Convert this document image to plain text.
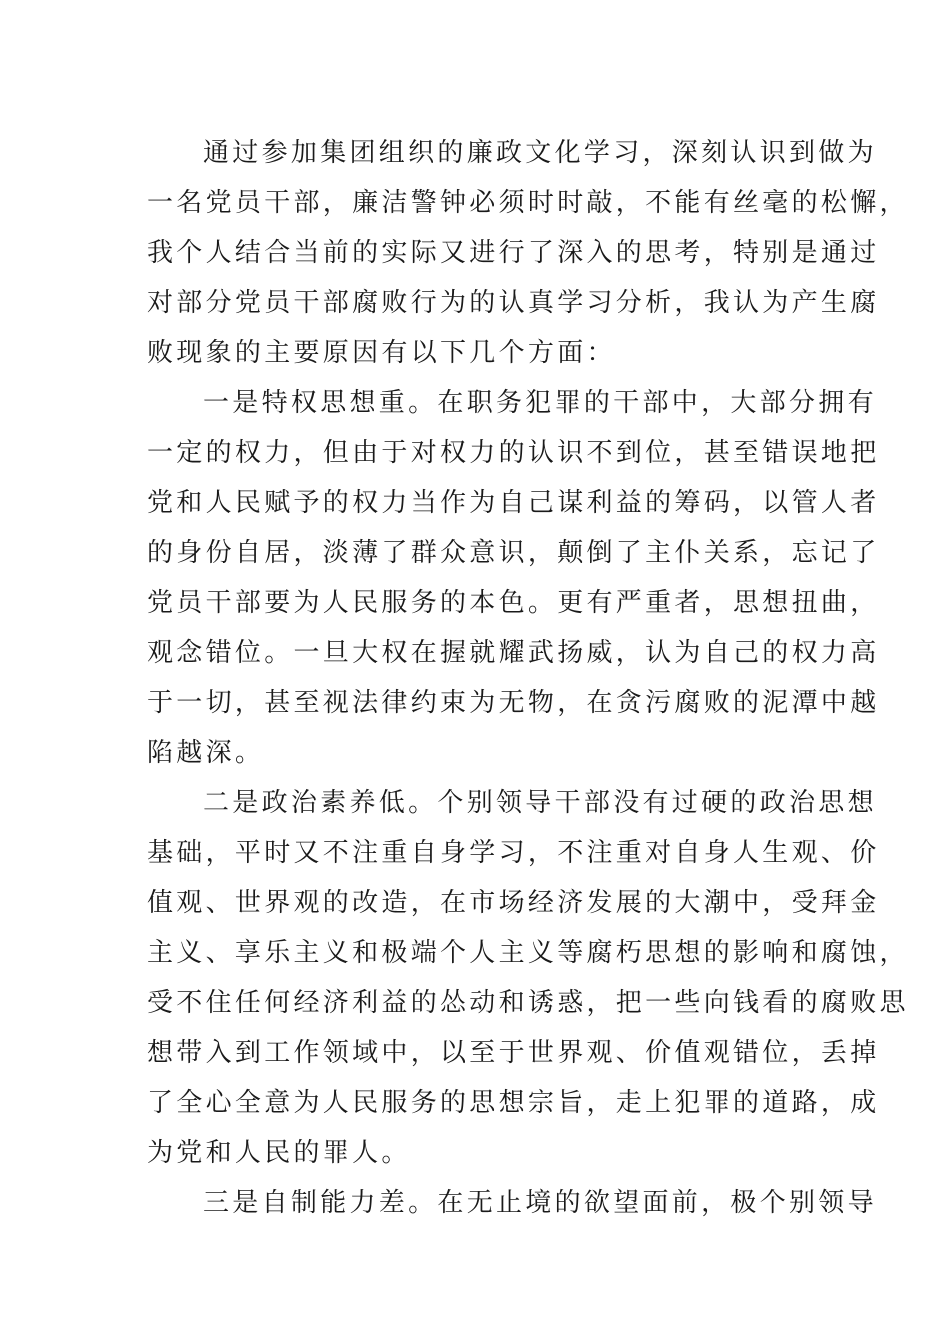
通过参加集团组织的廉政文化学习，深刻认识到做为
一名党员干部，廉洁警钟必须时时敲，不能有丝毫的松懈，
我个人结合当前的实际又进行了深入的思考，特别是通过
对部分党员干部腐败行为的认真学习分析，我认为产生腐
败现象的主要原因有以下几个方面：
一是特权思想重。在职务犯罪的干部中，大部分拥有
一定的权力，但由于对权力的认识不到位，甚至错误地把
党和人民赋予的权力当作为自己谋利益的筹码，以管人者
的身份自居，淡薄了群众意识，颠倒了主仆关系，忘记了
党员干部要为人民服务的本色。更有严重者，思想扭曲，
观念错位。一旦大权在握就耀武扬威，认为自己的权力高
于一切，甚至视法律约束为无物，在贪污腐败的泥潭中越
陷越深。
二是政治素养低。个别领导干部没有过硬的政治思想
基础，平时又不注重自身学习，不注重对自身人生观、价
值观、世界观的改造，在市场经济发展的大潮中，受拜金
主义、享乐主义和极端个人主义等腐朽思想的影响和腐蚀，
受不住任何经济利益的怂动和诱惑，把一些向钱看的腐败思
想带入到工作领域中，以至于世界观、价值观错位，丢掉
了全心全意为人民服务的思想宗旨，走上犯罪的道路，成
为党和人民的罪人。
三是自制能力差。在无止境的欲望面前，极个别领导
